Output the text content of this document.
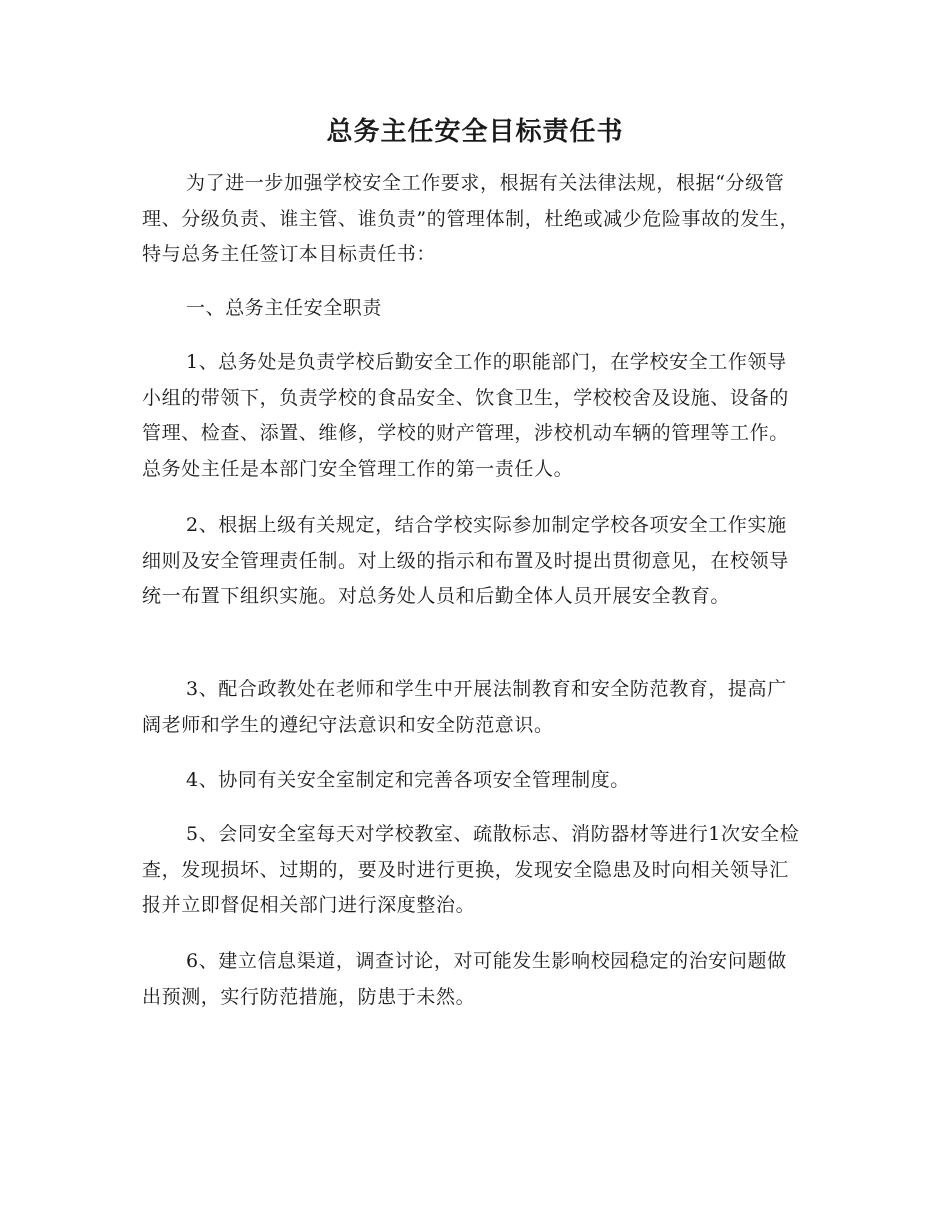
总务主任安全目标责任书

为了进一步加强学校安全工作要求，根据有关法律法规，根据“分级管理、分级负责、谁主管、谁负责”的管理体制，杜绝或减少危险事故的发生，特与总务主任签订本目标责任书：

一、总务主任安全职责

1、总务处是负责学校后勤安全工作的职能部门，在学校安全工作领导小组的带领下，负责学校的食品安全、饮食卫生，学校校舍及设施、设备的管理、检查、添置、维修，学校的财产管理，涉校机动车辆的管理等工作。总务处主任是本部门安全管理工作的第一责任人。

2、根据上级有关规定，结合学校实际参加制定学校各项安全工作实施细则及安全管理责任制。对上级的指示和布置及时提出贯彻意见，在校领导统一布置下组织实施。对总务处人员和后勤全体人员开展安全教育。

3、配合政教处在老师和学生中开展法制教育和安全防范教育，提高广阔老师和学生的遵纪守法意识和安全防范意识。

4、协同有关安全室制定和完善各项安全管理制度。

5、会同安全室每天对学校教室、疏散标志、消防器材等进行1次安全检查，发现损坏、过期的，要及时进行更换，发现安全隐患及时向相关领导汇报并立即督促相关部门进行深度整治。

6、建立信息渠道，调查讨论，对可能发生影响校园稳定的治安问题做出预测，实行防范措施，防患于未然。
